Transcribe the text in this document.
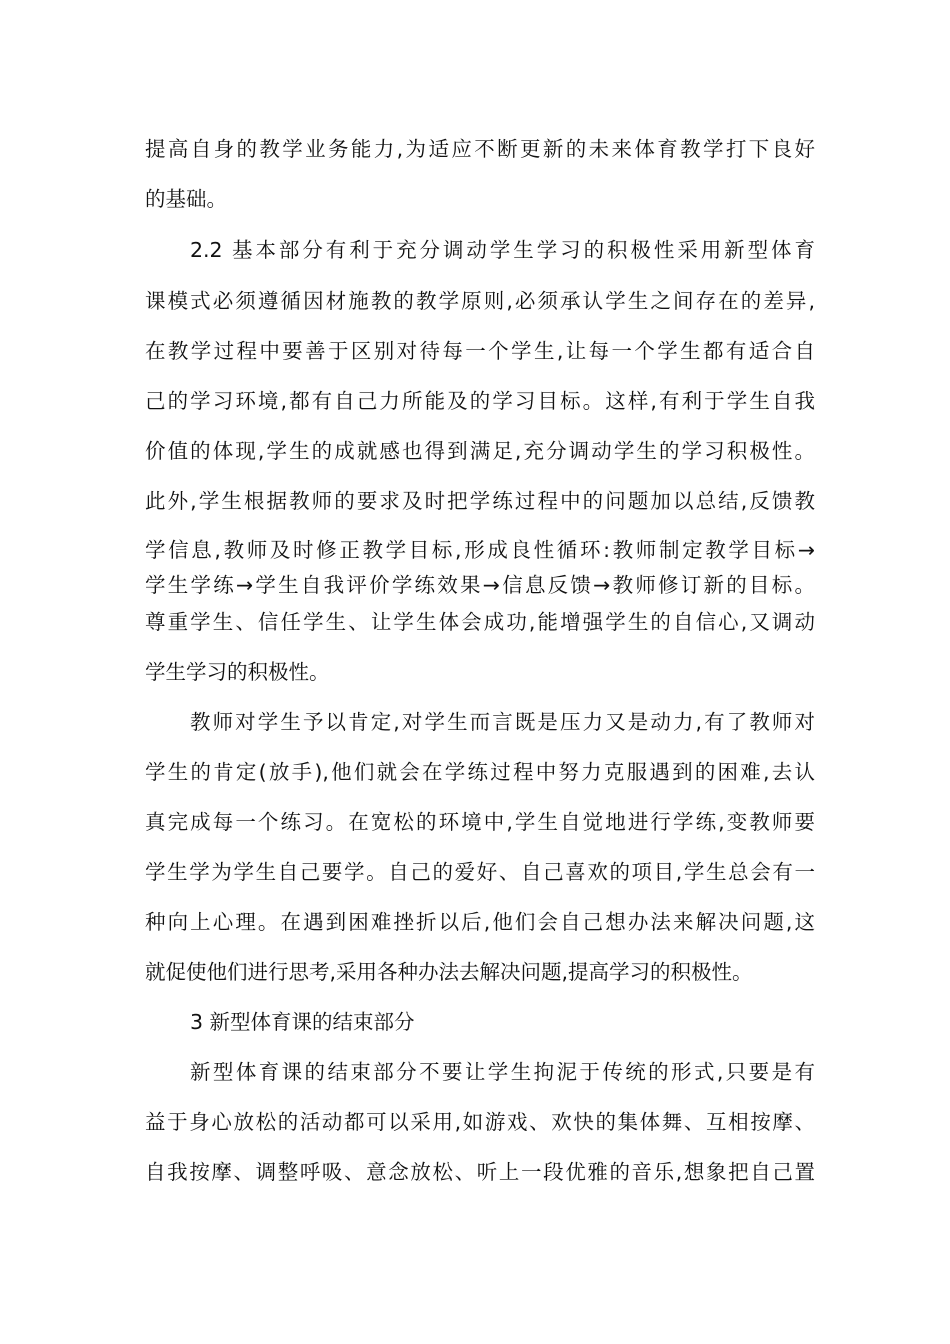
提高自身的教学业务能力,为适应不断更新的未来体育教学打下良好

的基础。

2.2 基本部分有利于充分调动学生学习的积极性采用新型体育

课模式必须遵循因材施教的教学原则,必须承认学生之间存在的差异,

在教学过程中要善于区别对待每一个学生,让每一个学生都有适合自

己的学习环境,都有自己力所能及的学习目标。这样,有利于学生自我

价值的体现,学生的成就感也得到满足,充分调动学生的学习积极性。

此外,学生根据教师的要求及时把学练过程中的问题加以总结,反馈教

学信息,教师及时修正教学目标,形成良性循环:教师制定教学目标→

学生学练→学生自我评价学练效果→信息反馈→教师修订新的目标。

尊重学生、信任学生、让学生体会成功,能增强学生的自信心,又调动

学生学习的积极性。

教师对学生予以肯定,对学生而言既是压力又是动力,有了教师对

学生的肯定(放手),他们就会在学练过程中努力克服遇到的困难,去认

真完成每一个练习。在宽松的环境中,学生自觉地进行学练,变教师要

学生学为学生自己要学。自己的爱好、自己喜欢的项目,学生总会有一

种向上心理。在遇到困难挫折以后,他们会自己想办法来解决问题,这

就促使他们进行思考,采用各种办法去解决问题,提高学习的积极性。

3 新型体育课的结束部分

新型体育课的结束部分不要让学生拘泥于传统的形式,只要是有

益于身心放松的活动都可以采用,如游戏、欢快的集体舞、互相按摩、

自我按摩、调整呼吸、意念放松、听上一段优雅的音乐,想象把自己置
